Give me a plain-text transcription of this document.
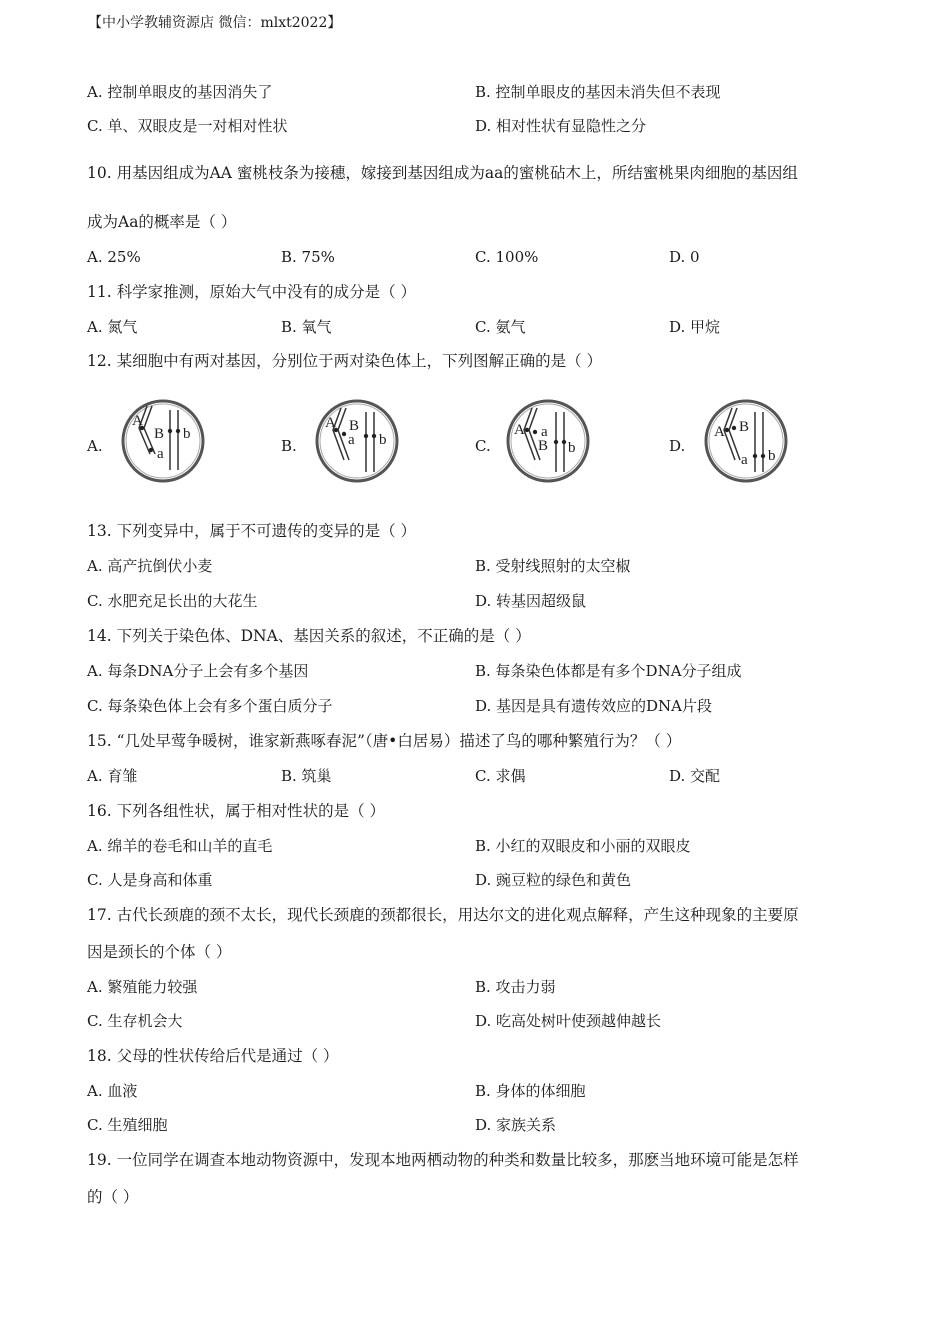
【中小学教辅资源店 微信：mlxt2022】
A. 控制单眼皮的基因消失了	B. 控制单眼皮的基因未消失但不表现
C. 单、双眼皮是一对相对性状	D. 相对性状有显隐性之分
10. 用基因组成为AA 蜜桃枝条为接穗，嫁接到基因组成为aa的蜜桃砧木上，所结蜜桃果肉细胞的基因组
成为Aa的概率是（ ）
A. 25%	B. 75%	C. 100%	D. 0
11. 科学家推测，原始大气中没有的成分是（ ）
A. 氮气	B. 氧气	C. 氨气	D. 甲烷
12. 某细胞中有两对基因，分别位于两对染色体上，下列图解正确的是（ ）
A.	B.	C.	D.
A
a
B b
A
a
B
b
A a
B b
A
a
B
b
13. 下列变异中，属于不可遗传的变异的是（ ）
A. 高产抗倒伏小麦	B. 受射线照射的太空椒
C. 水肥充足长出的大花生	D. 转基因超级鼠
14. 下列关于染色体、DNA、基因关系的叙述，不正确的是（ ）
A. 每条DNA分子上会有多个基因	B. 每条染色体都是有多个DNA分子组成
C. 每条染色体上会有多个蛋白质分子	D. 基因是具有遗传效应的DNA片段
15. “几处早莺争暖树，谁家新燕啄春泥”（唐•白居易）描述了鸟的哪种繁殖行为？（ ）
A. 育雏	B. 筑巢	C. 求偶	D. 交配
16. 下列各组性状，属于相对性状的是（ ）
A. 绵羊的卷毛和山羊的直毛	B. 小红的双眼皮和小丽的双眼皮
C. 人是身高和体重	D. 豌豆粒的绿色和黄色
17. 古代长颈鹿的颈不太长，现代长颈鹿的颈都很长，用达尔文的进化观点解释，产生这种现象的主要原
因是颈长的个体（ ）
A. 繁殖能力较强	B. 攻击力弱
C. 生存机会大	D. 吃高处树叶使颈越伸越长
18. 父母的性状传给后代是通过（ ）
A. 血液	B. 身体的体细胞
C. 生殖细胞	D. 家族关系
19. 一位同学在调查本地动物资源中，发现本地两栖动物的种类和数量比较多，那麽当地环境可能是怎样
的（ ）
